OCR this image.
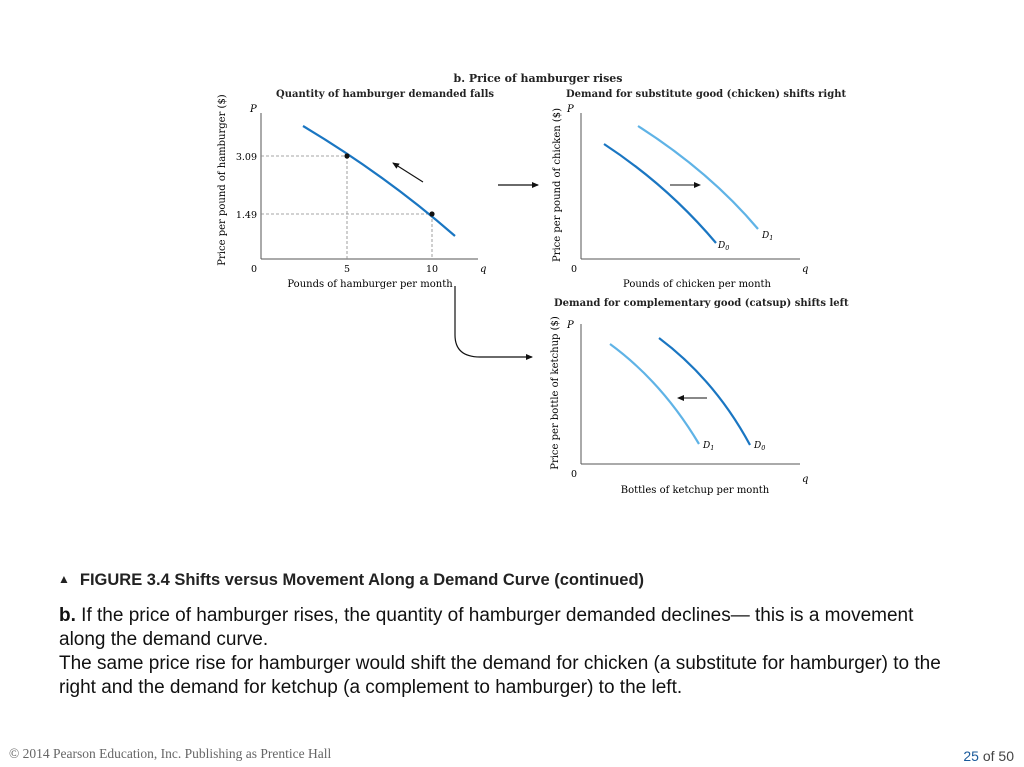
b. Price of hamburger rises
Quantity of hamburger demanded falls
P
q
0	5	10
3.09
1.49
Pounds of hamburger per month
Price per pound of hamburger ($)	Demand for substitute good (chicken) shifts right
P
q
0
Pounds of chicken per month
Price per pound of chicken ($)	$D_0$
$D_1$
Demand for complementary good (catsup) shifts left
P
q
0
Bottles of ketchup per month
Price per bottle of ketchup ($)	$D_1$	$D_0$
▲ FIGURE 3.4 Shifts versus Movement Along a Demand Curve (continued)

b. If the price of hamburger rises, the quantity of hamburger demanded declines— this is a movement along the demand curve.

The same price rise for hamburger would shift the demand for chicken (a substitute for hamburger) to the right and the demand for ketchup (a complement to hamburger) to the left.

© 2014 Pearson Education, Inc. Publishing as Prentice Hall	25 of 50
